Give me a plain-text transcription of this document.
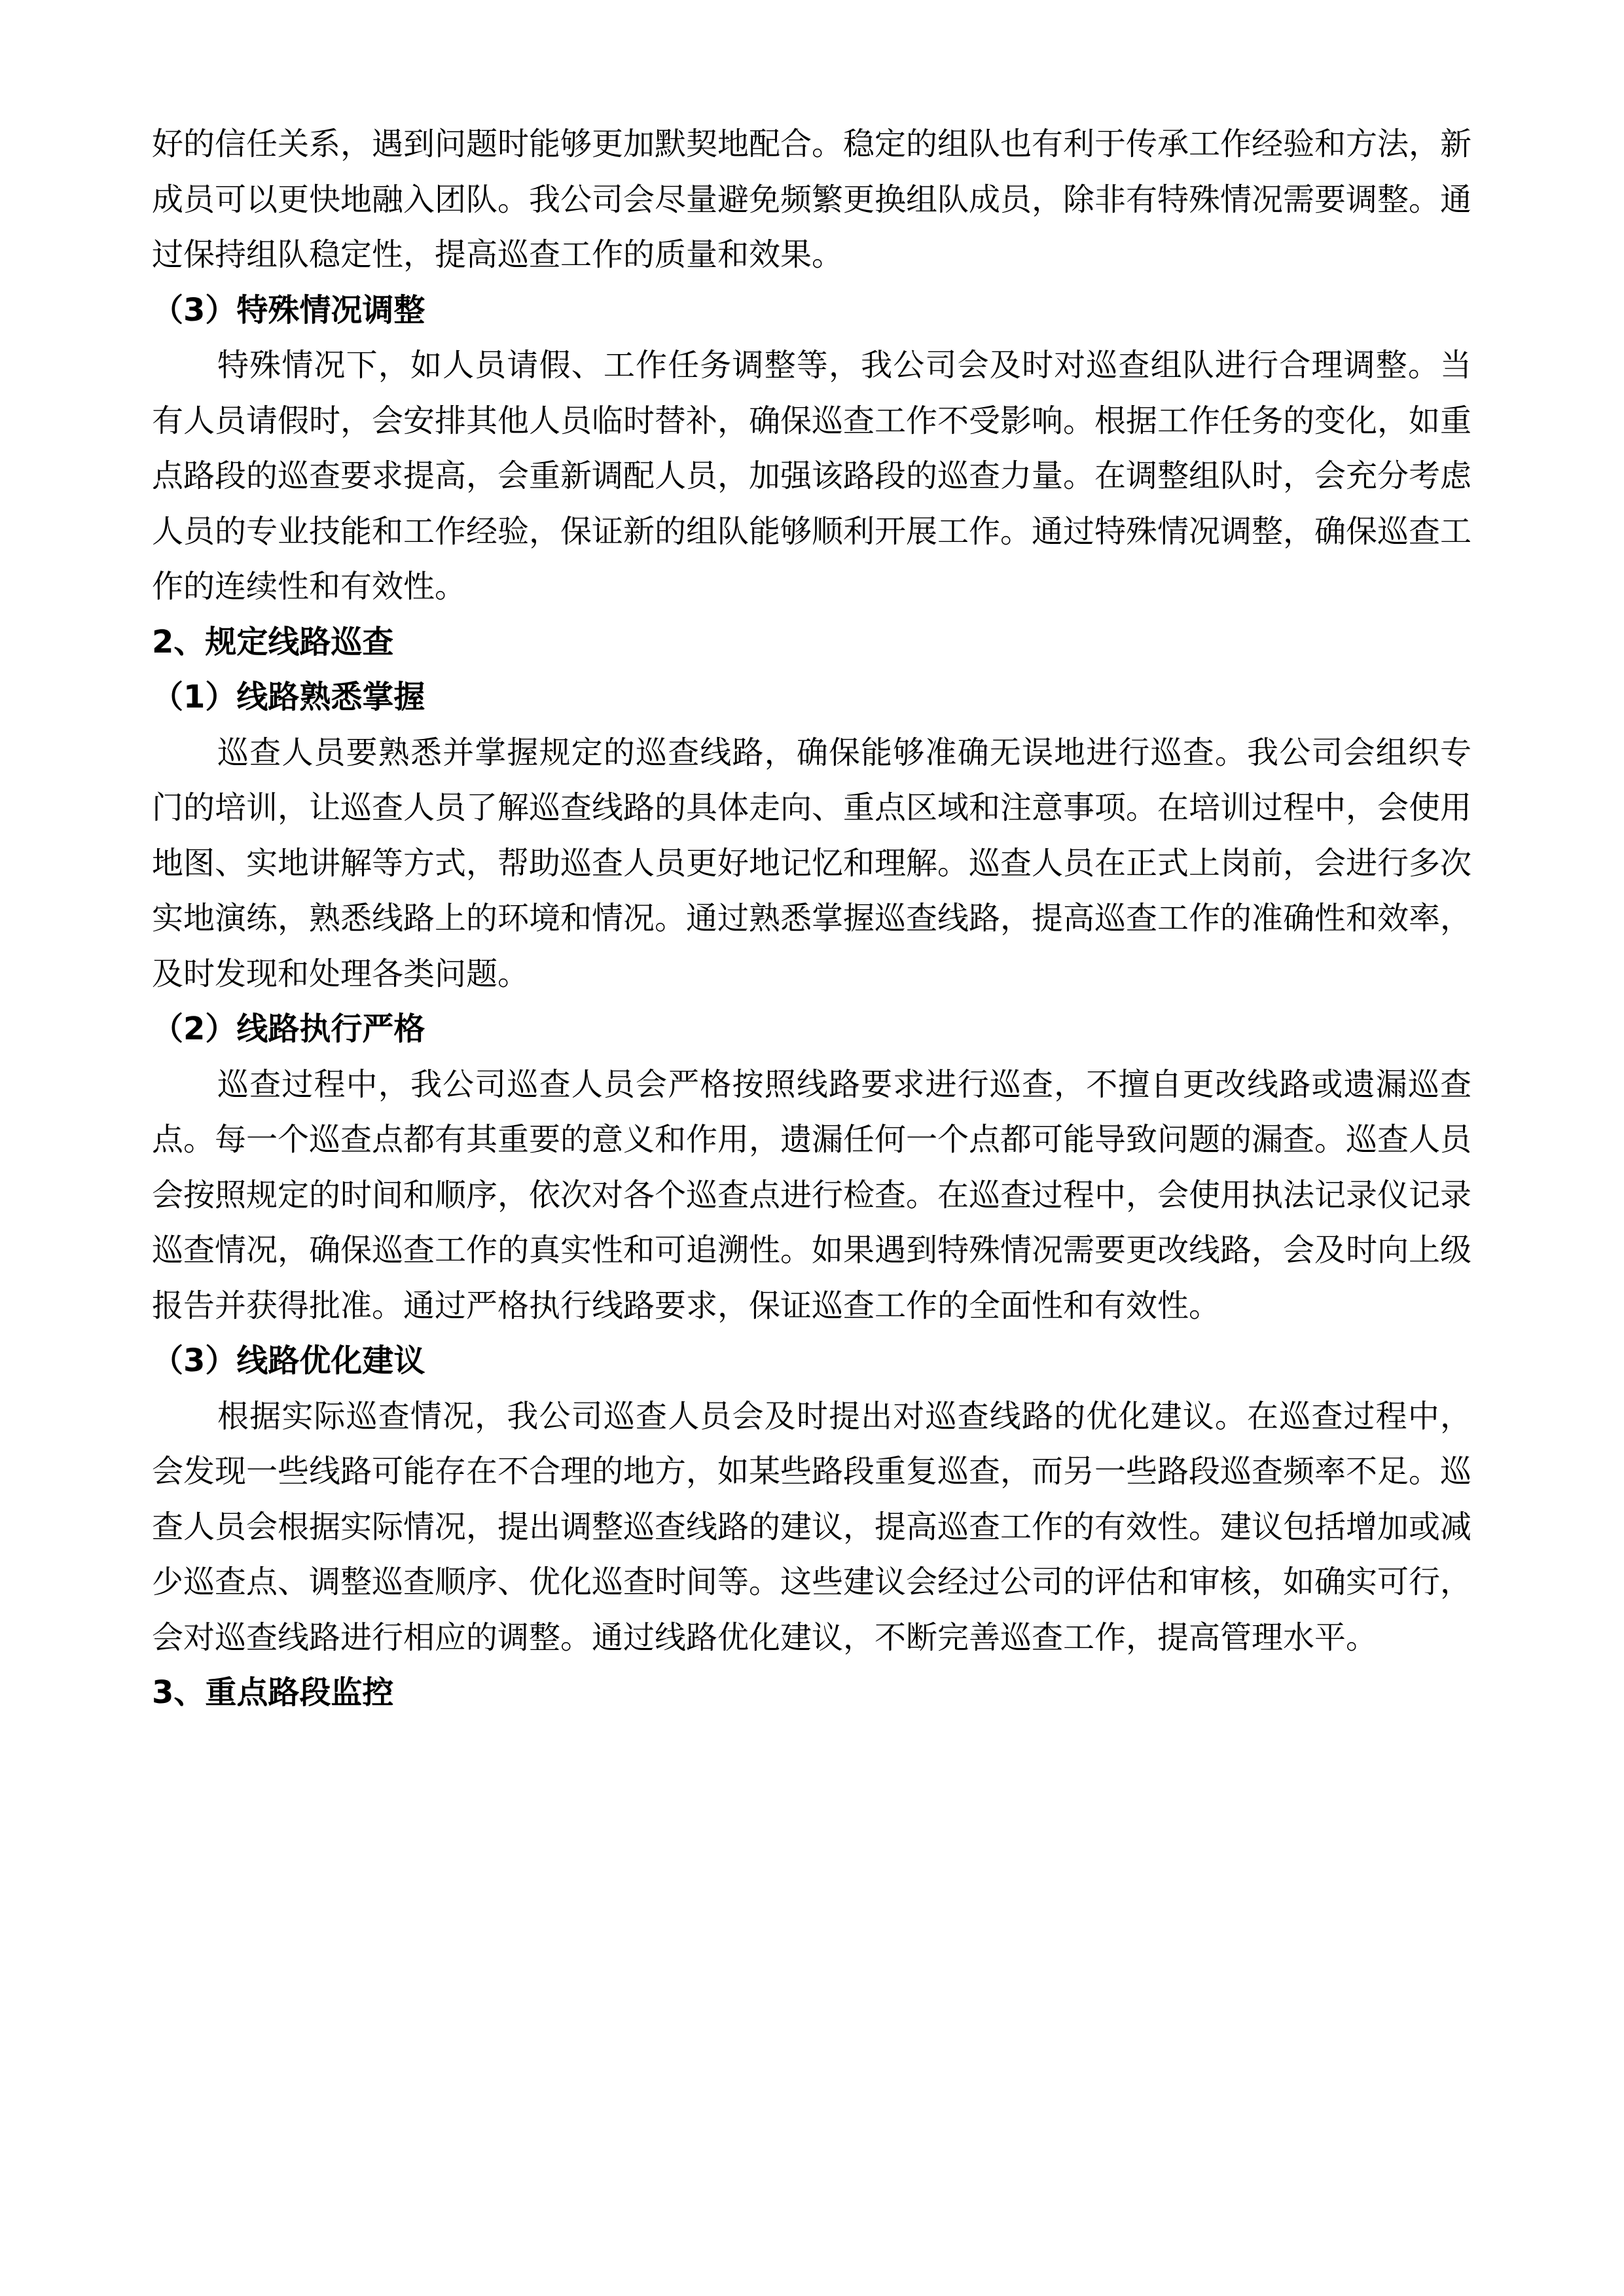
好的信任关系，遇到问题时能够更加默契地配合。稳定的组队也有利于传承工作经验和方法，新成员可以更快地融入团队。我公司会尽量避免频繁更换组队成员，除非有特殊情况需要调整。通过保持组队稳定性，提高巡查工作的质量和效果。

（3）特殊情况调整

特殊情况下，如人员请假、工作任务调整等，我公司会及时对巡查组队进行合理调整。当有人员请假时，会安排其他人员临时替补，确保巡查工作不受影响。根据工作任务的变化，如重点路段的巡查要求提高，会重新调配人员，加强该路段的巡查力量。在调整组队时，会充分考虑人员的专业技能和工作经验，保证新的组队能够顺利开展工作。通过特殊情况调整，确保巡查工作的连续性和有效性。

2、规定线路巡查
（1）线路熟悉掌握

巡查人员要熟悉并掌握规定的巡查线路，确保能够准确无误地进行巡查。我公司会组织专门的培训，让巡查人员了解巡查线路的具体走向、重点区域和注意事项。在培训过程中，会使用地图、实地讲解等方式，帮助巡查人员更好地记忆和理解。巡查人员在正式上岗前，会进行多次实地演练，熟悉线路上的环境和情况。通过熟悉掌握巡查线路，提高巡查工作的准确性和效率，及时发现和处理各类问题。

（2）线路执行严格

巡查过程中，我公司巡查人员会严格按照线路要求进行巡查，不擅自更改线路或遗漏巡查点。每一个巡查点都有其重要的意义和作用，遗漏任何一个点都可能导致问题的漏查。巡查人员会按照规定的时间和顺序，依次对各个巡查点进行检查。在巡查过程中，会使用执法记录仪记录巡查情况，确保巡查工作的真实性和可追溯性。如果遇到特殊情况需要更改线路，会及时向上级报告并获得批准。通过严格执行线路要求，保证巡查工作的全面性和有效性。

（3）线路优化建议

根据实际巡查情况，我公司巡查人员会及时提出对巡查线路的优化建议。在巡查过程中，会发现一些线路可能存在不合理的地方，如某些路段重复巡查，而另一些路段巡查频率不足。巡查人员会根据实际情况，提出调整巡查线路的建议，提高巡查工作的有效性。建议包括增加或减少巡查点、调整巡查顺序、优化巡查时间等。这些建议会经过公司的评估和审核，如确实可行，会对巡查线路进行相应的调整。通过线路优化建议，不断完善巡查工作，提高管理水平。

3、重点路段监控
